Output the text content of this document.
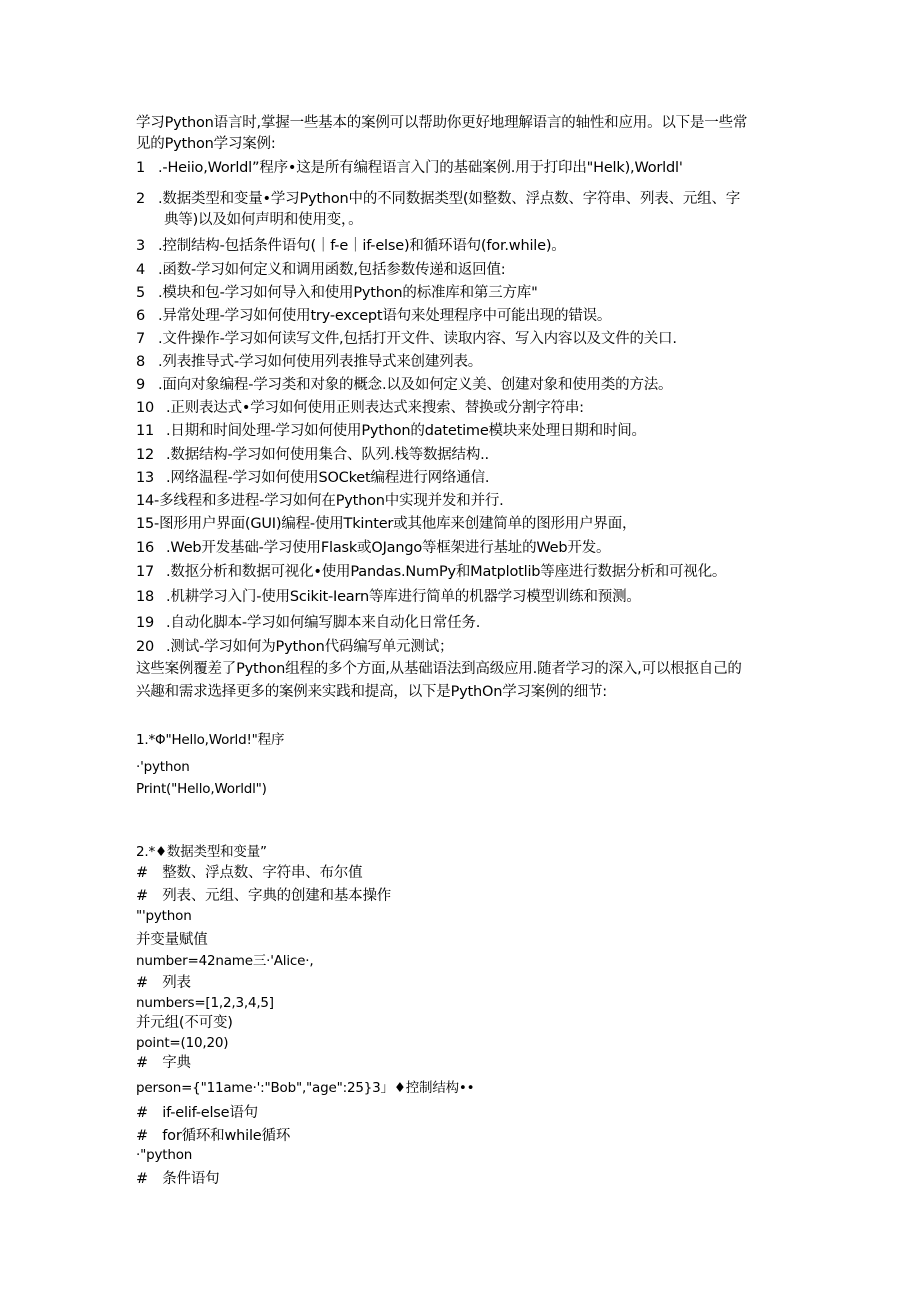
学习Python语言时,掌握一些基本的案例可以帮助你更好地理解语言的轴性和应用。以下是一些常
见的Python学习案例:
1 .-Heiio,Worldl”程序•这是所有编程语言入门的基础案例.用于打印出"Helk),Worldl'
2 .数据类型和变量•学习Python中的不同数据类型(如整数、浮点数、字符串、列表、元组、字
典等)以及如何声明和使用变，。
3 .控制结构-包括条件语句(｜f-e｜if-else)和循环语句(for.while)。
4 .函数-学习如何定义和调用函数,包括参数传递和返回值:
5 .模块和包-学习如何导入和使用Python的标准库和第三方库"
6 .异常处理-学习如何使用try-except语句来处理程序中可能出现的错误。
7 .文件操作-学习如何读写文件,包括打开文件、读取内容、写入内容以及文件的关口.
8 .列表推导式-学习如何使用列表推导式来创建列表。
9 .面向对象编程-学习类和对象的概念.以及如何定义美、创建对象和使用类的方法。
10 .正则表达式•学习如何使用正则表达式来搜索、替换或分割字符串:
11 .日期和时间处理-学习如何使用Python的datetime模块来处理日期和时间。
12 .数据结构-学习如何使用集合、队列.栈等数据结构..
13 .网络温程-学习如何使用SOCket编程进行网络通信.
14-多线程和多进程-学习如何在Python中实现并发和并行.
15-图形用户界面(GUI)编程-使用Tkinter或其他库来创建简单的图形用户界面，
16 .Web开发基础-学习使用Flask或OJango等框架进行基址的Web开发。
17 .数抠分析和数据可视化•使用Pandas.NumPy和Matplotlib等座进行数据分析和可视化。
18 .机耕学习入门-使用Scikit-Iearn等库进行简单的机器学习模型训练和预测。
19 .自动化脚本-学习如何编写脚本来自动化日常任务.
20 .测试-学习如何为Python代码编写单元测试；
这些案例覆差了Python组程的多个方面,从基础语法到高级应用.随者学习的深入,可以根抠自己的
兴趣和需求选择更多的案例来实践和提高，以下是PythOn学习案例的细节:
1.*Φ"Hello,World!"程序
·'python
Print("Hello,Worldl")
2.*♦数据类型和变量”
#　整数、浮点数、字符串、布尔值
#　列表、元组、字典的创建和基本操作
"'python
并变量赋值
number=42name三·'Alice·,
#　列表
numbers=[1,2,3,4,5]
并元组(不可变)
point=(10,20)
#　字典
person={"11ame·':"Bob","age":25}3」♦控制结构••
#　if-elif-else语句
#　for循环和while循环
·"python
#　条件语句
